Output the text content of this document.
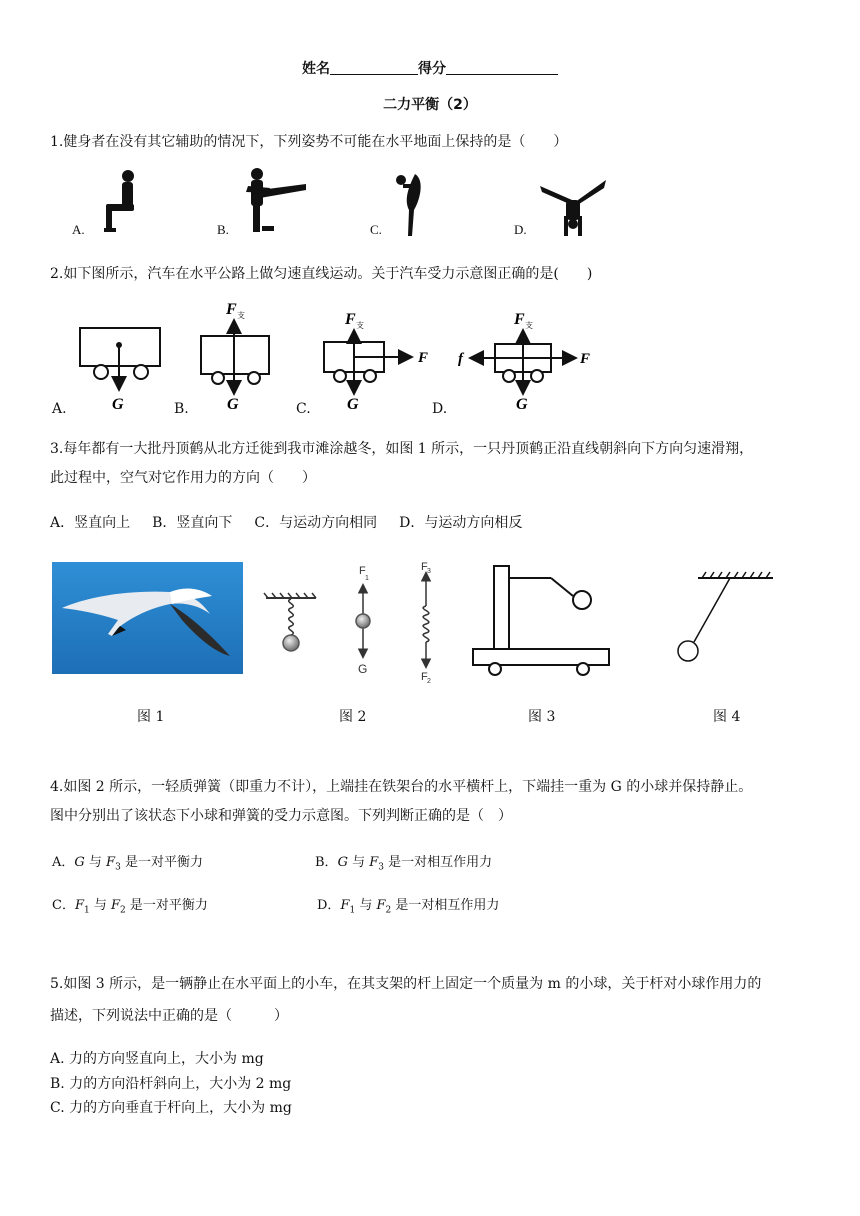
姓名	得分
二力平衡（2）
1.健身者在没有其它辅助的情况下，下列姿势不可能在水平地面上保持的是（　　）
A.	B.	C.	D.
2.如下图所示，汽车在水平公路上做匀速直线运动。关于汽车受力示意图正确的是(　　)
G
F 支
G
F 支
F
G
F 支
F
f
G
A.	B.	C.	D.
3.每年都有一大批丹顶鹤从北方迁徙到我市滩涂越冬，如图 1 所示，一只丹顶鹤正沿直线朝斜向下方向匀速滑翔，
此过程中，空气对它作用力的方向（　　）
A．竖直向上 B．竖直向下 C．与运动方向相同 D．与运动方向相反
F
1
G
F 3
F 2
图 1	图 2	图 3	图 4
4.如图 2 所示，一轻质弹簧（即重力不计），上端挂在铁架台的水平横杆上，下端挂一重为 G 的小球并保持静止。
图中分别出了该状态下小球和弹簧的受力示意图。下列判断正确的是（　）
A．G 与 $F_3$ 是一对平衡力	B．G 与 $F_3$ 是一对相互作用力
C．$F_1$ 与 $F_2$ 是一对平衡力	D．$F_1$ 与 $F_2$ 是一对相互作用力
5.如图 3 所示，是一辆静止在水平面上的小车，在其支架的杆上固定一个质量为 m 的小球，关于杆对小球作用力的
描述，下列说法中正确的是（　　　）
A. 力的方向竖直向上，大小为 mg
B. 力的方向沿杆斜向上，大小为 2 mg
C. 力的方向垂直于杆向上，大小为 mg
